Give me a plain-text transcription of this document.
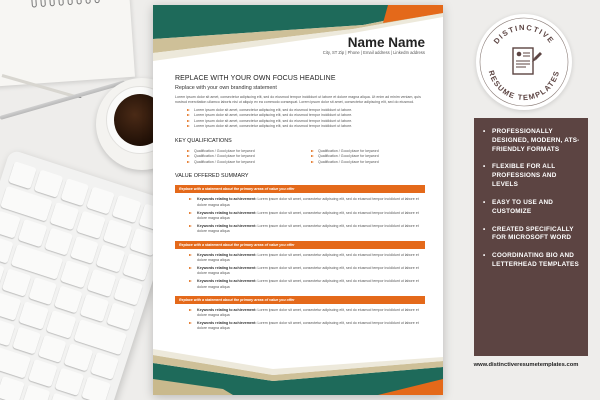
Name Name
City, ST Zip | Phone | Email address | LinkedIn address
REPLACE WITH YOUR OWN FOCUS HEADLINE
Replace with your own branding statement
Lorem ipsum dolor sit amet, consectetur adipiscing elit, sed do eiusmod tempor incididunt ut labore et dolore magna aliqua. Ut enim ad minim veniam, quis nostrud exercitation ullamco laboris nisi ut aliquip ex ea commodo consequat. Lorem ipsum dolor sit amet, consectetur adipiscing elit, sed do eiusmod.
Lorem ipsum dolor sit amet, consectetur adipiscing elit, sed do eiusmod tempor incididunt ut labore.
Lorem ipsum dolor sit amet, consectetur adipiscing elit, sed do eiusmod tempor incididunt ut labore.
Lorem ipsum dolor sit amet, consectetur adipiscing elit, sed do eiusmod tempor incididunt ut labore.
Lorem ipsum dolor sit amet, consectetur adipiscing elit, sed do eiusmod tempor incididunt ut labore.
KEY QUALIFICATIONS
Qualification / Good place for keyword	Qualification / Good place for keyword
Qualification / Good place for keyword	Qualification / Good place for keyword
Qualification / Good place for keyword	Qualification / Good place for keyword
VALUE OFFERED SUMMARY
Replace with a statement about the primary areas of value you offer
Keywords relating to achievement: Lorem ipsum dolor sit amet, consectetur adipiscing elit, sed do eiusmod tempor incididunt ut labore et dolore magna aliqua
Keywords relating to achievement: Lorem ipsum dolor sit amet, consectetur adipiscing elit, sed do eiusmod tempor incididunt ut labore et dolore magna aliqua
Keywords relating to achievement: Lorem ipsum dolor sit amet, consectetur adipiscing elit, sed do eiusmod tempor incididunt ut labore et dolore magna aliqua
Replace with a statement about the primary areas of value you offer
Keywords relating to achievement: Lorem ipsum dolor sit amet, consectetur adipiscing elit, sed do eiusmod tempor incididunt ut labore et dolore magna aliqua
Keywords relating to achievement: Lorem ipsum dolor sit amet, consectetur adipiscing elit, sed do eiusmod tempor incididunt ut labore et dolore magna aliqua
Keywords relating to achievement: Lorem ipsum dolor sit amet, consectetur adipiscing elit, sed do eiusmod tempor incididunt ut labore et dolore magna aliqua
Replace with a statement about the primary areas of value you offer
Keywords relating to achievement: Lorem ipsum dolor sit amet, consectetur adipiscing elit, sed do eiusmod tempor incididunt ut labore et dolore magna aliqua
Keywords relating to achievement: Lorem ipsum dolor sit amet, consectetur adipiscing elit, sed do eiusmod tempor incididunt ut labore et dolore magna aliqua
DISTINCTIVE
RESUME TEMPLATES
• PROFESSIONALLY DESIGNED, MODERN, ATS-FRIENDLY FORMATS
• FLEXIBLE FOR ALL PROFESSIONS AND LEVELS
• EASY TO USE AND CUSTOMIZE
• CREATED SPECIFICALLY FOR MICROSOFT WORD
• COORDINATING BIO AND LETTERHEAD TEMPLATES
www.distinctiveresumetemplates.com
